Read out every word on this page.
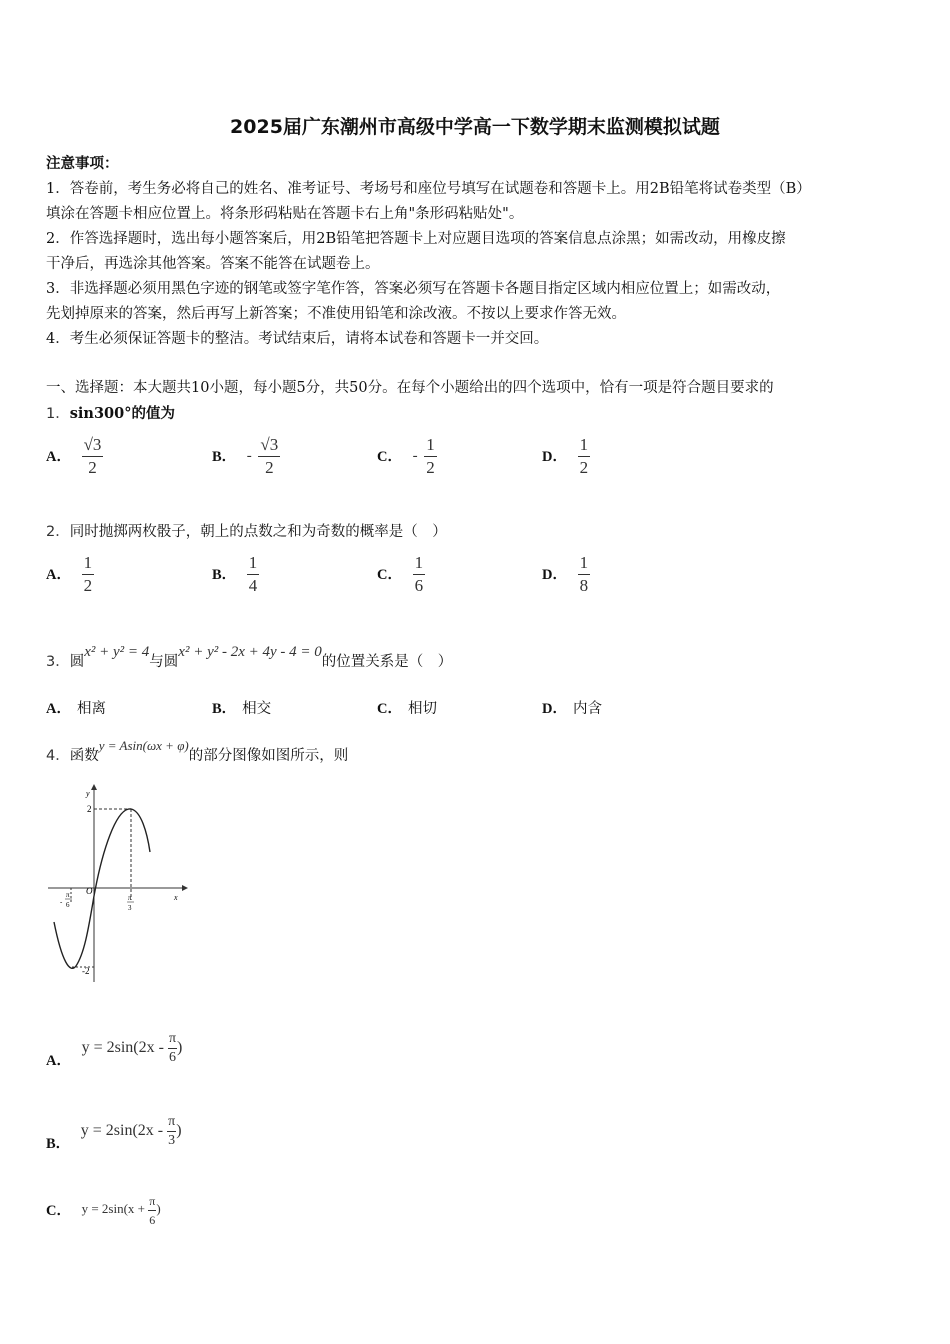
2025届广东潮州市高级中学高一下数学期末监测模拟试题
注意事项：
1．答卷前，考生务必将自己的姓名、准考证号、考场号和座位号填写在试题卷和答题卡上。用2B铅笔将试卷类型（B）
填涂在答题卡相应位置上。将条形码粘贴在答题卡右上角"条形码粘贴处"。
2．作答选择题时，选出每小题答案后，用2B铅笔把答题卡上对应题目选项的答案信息点涂黑；如需改动，用橡皮擦
干净后，再选涂其他答案。答案不能答在试题卷上。
3．非选择题必须用黑色字迹的钢笔或签字笔作答，答案必须写在答题卡各题目指定区域内相应位置上；如需改动，
先划掉原来的答案，然后再写上新答案；不准使用铅笔和涂改液。不按以上要求作答无效。
4．考生必须保证答题卡的整洁。考试结束后，请将本试卷和答题卡一并交回。
一、选择题：本大题共10小题，每小题5分，共50分。在每个小题给出的四个选项中，恰有一项是符合题目要求的
1．sin300°的值为
A． $\frac{√3}{2}$	B． - $\frac{√3}{2}$	C． - $\frac{1}{2}$	D． $\frac{1}{2}$
2．同时抛掷两枚骰子，朝上的点数之和为奇数的概率是（　）
A． $\frac{1}{2}$	B． $\frac{1}{4}$	C． $\frac{1}{6}$	D． $\frac{1}{8}$
3．圆x² + y² = 4与圆x² + y² - 2x + 4y - 4 = 0的位置关系是（　）
A． 相离	B． 相交	C． 相切	D． 内含
4．函数y = Asin(ωx + φ)的部分图像如图所示，则
2
-2
y
x
O
-
π
6
π
3
A． $y = 2\sin(2x - \frac{\pi}{6}$ )
B． $y = 2\sin(2x - \frac{\pi}{3}$ )
C． $y = 2\sin(x + \frac{\pi}{6}$ )
